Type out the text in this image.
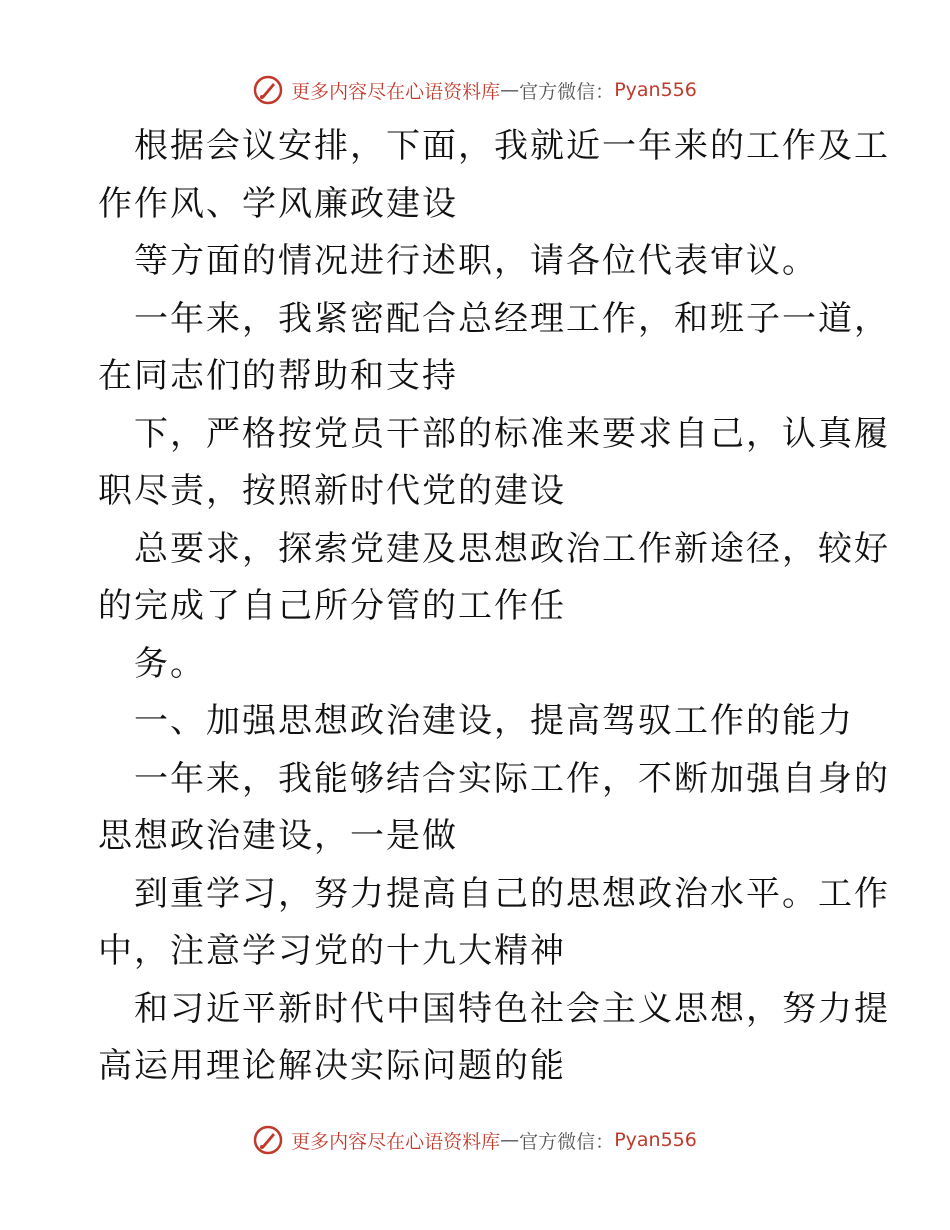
更多内容尽在心语资料库 — 官方微信： Pyan556
根据会议安排，下面，我就近一年来的工作及工
作作风、学风廉政建设
等方面的情况进行述职，请各位代表审议。
一年来，我紧密配合总经理工作，和班子一道，
在同志们的帮助和支持
下，严格按党员干部的标准来要求自己，认真履
职尽责，按照新时代党的建设
总要求，探索党建及思想政治工作新途径，较好
的完成了自己所分管的工作任
务。
一、加强思想政治建设，提高驾驭工作的能力
一年来，我能够结合实际工作，不断加强自身的
思想政治建设，一是做
到重学习，努力提高自己的思想政治水平。工作
中，注意学习党的十九大精神
和习近平新时代中国特色社会主义思想，努力提
高运用理论解决实际问题的能
更多内容尽在心语资料库 — 官方微信： Pyan556
